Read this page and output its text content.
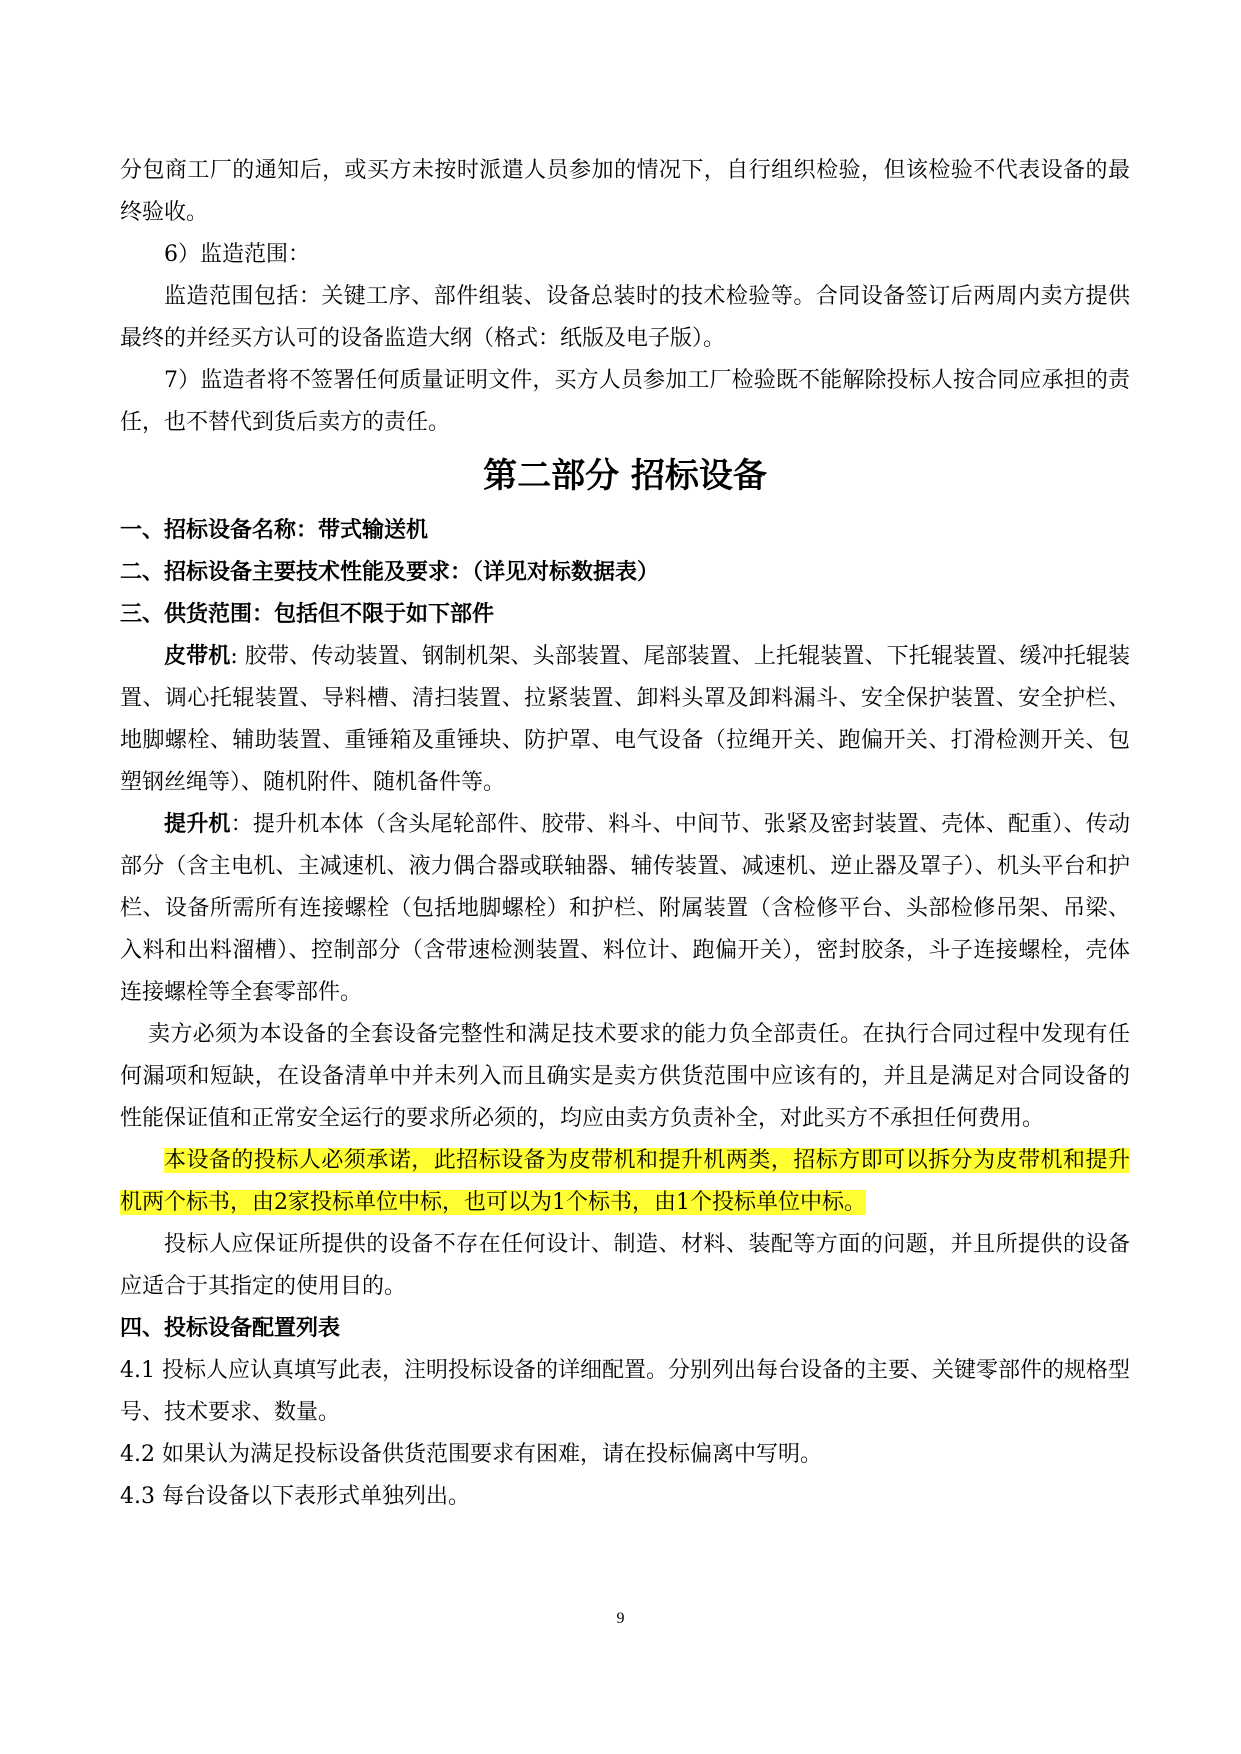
分包商工厂的通知后，或买方未按时派遣人员参加的情况下，自行组织检验，但该检验不代表设备的最终验收。

6）监造范围：

监造范围包括：关键工序、部件组装、设备总装时的技术检验等。合同设备签订后两周内卖方提供最终的并经买方认可的设备监造大纲（格式：纸版及电子版）。

7）监造者将不签署任何质量证明文件，买方人员参加工厂检验既不能解除投标人按合同应承担的责任，也不替代到货后卖方的责任。

第二部分 招标设备

一、招标设备名称：带式输送机

二、招标设备主要技术性能及要求：（详见对标数据表）

三、供货范围：包括但不限于如下部件

皮带机: 胶带、传动装置、钢制机架、头部装置、尾部装置、上托辊装置、下托辊装置、缓冲托辊装置、调心托辊装置、导料槽、清扫装置、拉紧装置、卸料头罩及卸料漏斗、安全保护装置、安全护栏、地脚螺栓、辅助装置、重锤箱及重锤块、防护罩、电气设备（拉绳开关、跑偏开关、打滑检测开关、包塑钢丝绳等）、随机附件、随机备件等。

提升机：提升机本体（含头尾轮部件、胶带、料斗、中间节、张紧及密封装置、壳体、配重）、传动部分（含主电机、主减速机、液力偶合器或联轴器、辅传装置、减速机、逆止器及罩子）、机头平台和护栏、设备所需所有连接螺栓（包括地脚螺栓）和护栏、附属装置（含检修平台、头部检修吊架、吊梁、入料和出料溜槽）、控制部分（含带速检测装置、料位计、跑偏开关），密封胶条，斗子连接螺栓，壳体连接螺栓等全套零部件。

卖方必须为本设备的全套设备完整性和满足技术要求的能力负全部责任。在执行合同过程中发现有任何漏项和短缺，在设备清单中并未列入而且确实是卖方供货范围中应该有的，并且是满足对合同设备的性能保证值和正常安全运行的要求所必须的，均应由卖方负责补全，对此买方不承担任何费用。

本设备的投标人必须承诺，此招标设备为皮带机和提升机两类，招标方即可以拆分为皮带机和提升机两个标书，由2家投标单位中标，也可以为1个标书，由1个投标单位中标。

投标人应保证所提供的设备不存在任何设计、制造、材料、装配等方面的问题，并且所提供的设备应适合于其指定的使用目的。

四、投标设备配置列表

4.1 投标人应认真填写此表，注明投标设备的详细配置。分别列出每台设备的主要、关键零部件的规格型号、技术要求、数量。

4.2 如果认为满足投标设备供货范围要求有困难，请在投标偏离中写明。

4.3 每台设备以下表形式单独列出。

9
